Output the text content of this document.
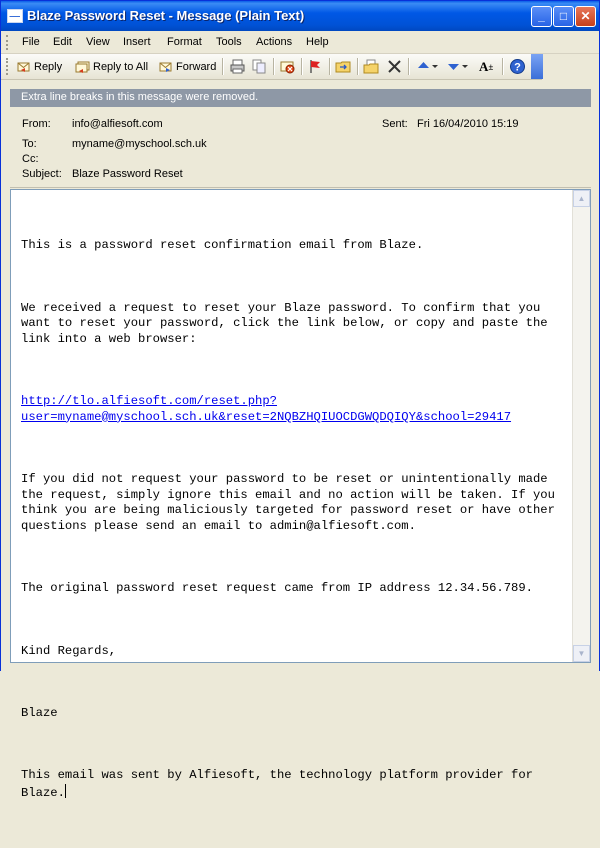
Blaze Password Reset - Message (Plain Text)	_	□	✕
File Edit View Insert Format Tools Actions Help
Reply	Reply to All	Forward	A ± ?
Extra line breaks in this message were removed.
From: info@alfiesoft.com	Sent: Fri 16/04/2010 15:19
To:	myname@myschool.sch.uk
Cc:
Subject: Blaze Password Reset

This is a password reset confirmation email from Blaze.

We received a request to reset your Blaze password. To confirm that you want to reset your password, click the link below, or copy and paste the link into a web browser:

http://tlo.alfiesoft.com/reset.php?user=myname@myschool.sch.uk&reset=2NQBZHQIUOCDGWQDQIQY&school=29417

If you did not request your password to be reset or unintentionally made the request, simply ignore this email and no action will be taken. If you think you are being maliciously targeted for password reset or have other questions please send an email to admin@alfiesoft.com.

The original password reset request came from IP address 12.34.56.789.

Kind Regards,

Blaze

This email was sent by Alfiesoft, the technology platform provider for Blaze.

▲
▼
